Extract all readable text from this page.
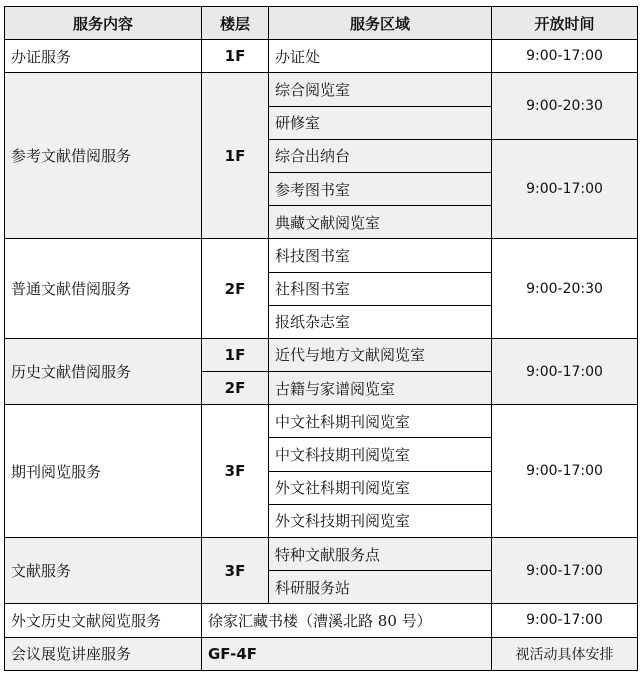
服务内容	楼层	服务区域	开放时间
办证服务	1F	办证处	9:00-17:00
参考文献借阅服务	1F	综合阅览室	9:00-20:30
		研修室	
		综合出纳台	9:00-17:00
		参考图书室	
		典藏文献阅览室	
普通文献借阅服务	2F	科技图书室	9:00-20:30
		社科图书室	
		报纸杂志室	
历史文献借阅服务	1F	近代与地方文献阅览室	9:00-17:00
	2F	古籍与家谱阅览室	
期刊阅览服务	3F	中文社科期刊阅览室	9:00-17:00
		中文科技期刊阅览室	
		外文社科期刊阅览室	
		外文科技期刊阅览室	
文献服务	3F	特种文献服务点	9:00-17:00
		科研服务站	
外文历史文献阅览服务	徐家汇藏书楼（漕溪北路 80 号）		9:00-17:00
会议展览讲座服务	GF-4F		视活动具体安排
